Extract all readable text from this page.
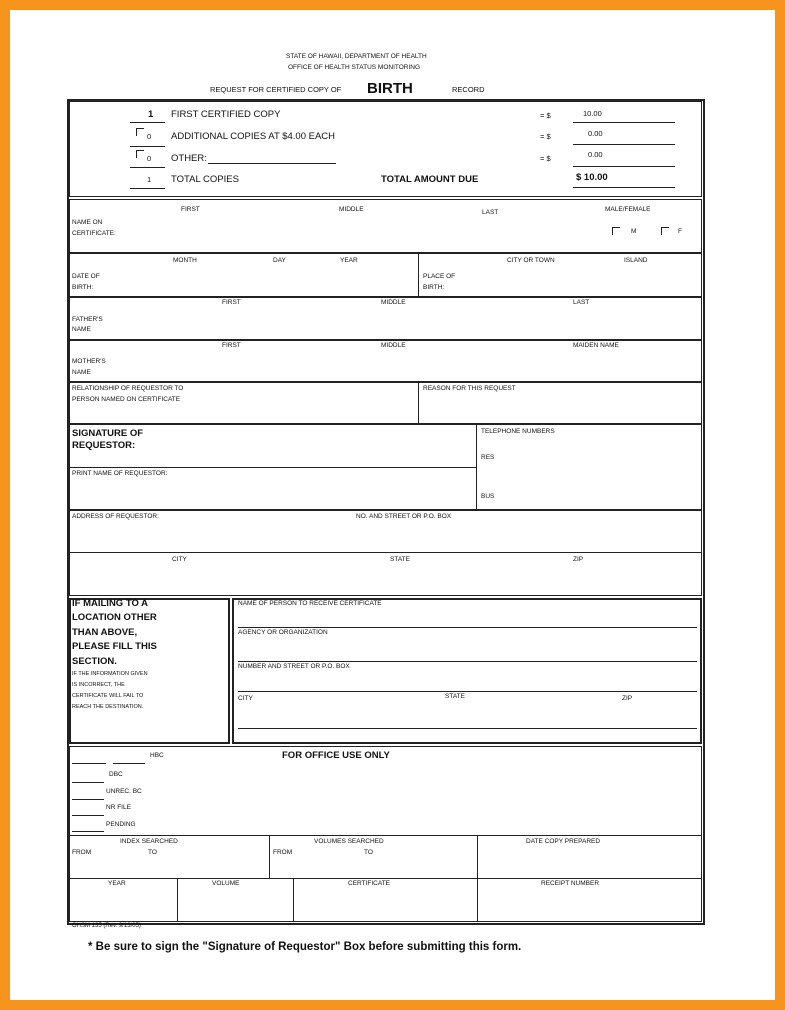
STATE OF HAWAII, DEPARTMENT OF HEALTH
OFFICE OF HEALTH STATUS MONITORING
REQUEST FOR CERTIFIED COPY OF BIRTH	RECORD
1 FIRST CERTIFIED COPY	= $	10.00
0 ADDITIONAL COPIES AT $4.00 EACH	= $	0.00
0 OTHER:	= $	0.00
1 TOTAL COPIES	TOTAL AMOUNT DUE	$ 10.00
FIRST	MIDDLE	LAST	MALE/FEMALE
NAME ON
CERTIFICATE:	M	F
MONTH	DAY	YEAR
DATE OF
BIRTH:
CITY OR TOWN	ISLAND
PLACE OF
BIRTH:
FIRST	MIDDLE	LAST
FATHER'S
NAME
FIRST	MIDDLE	MAIDEN NAME
MOTHER'S
NAME
RELATIONSHIP OF REQUESTOR TO
PERSON NAMED ON CERTIFICATE
REASON FOR THIS REQUEST
SIGNATURE OF
REQUESTOR:
PRINT NAME OF REQUESTOR:
TELEPHONE NUMBERS
RES
BUS
ADDRESS OF REQUESTOR:	NO. AND STREET OR P.O. BOX
CITY	STATE	ZIP
IF MAILING TO A
LOCATION OTHER
THAN ABOVE,
PLEASE FILL THIS
SECTION.
IF THE INFORMATION GIVEN
IS INCORRECT, THE
CERTIFICATE WILL FAIL TO
REACH THE DESTINATION.
NAME OF PERSON TO RECEIVE CERTIFICATE
AGENCY OR ORGANIZATION
NUMBER AND STREET OR P.O. BOX
CITY	STATE	ZIP
FOR OFFICE USE ONLY
HBC
DBC
UNREC. BC
NR FILE
PENDING
INDEX SEARCHED
FROM	TO
VOLUMES SEARCHED
FROM	TO
DATE COPY PREPARED
YEAR	VOLUME	CERTIFICATE	RECEIPT NUMBER
OHSM 135 (Rev. 9/13/05)
* Be sure to sign the "Signature of Requestor" Box before submitting this form.
